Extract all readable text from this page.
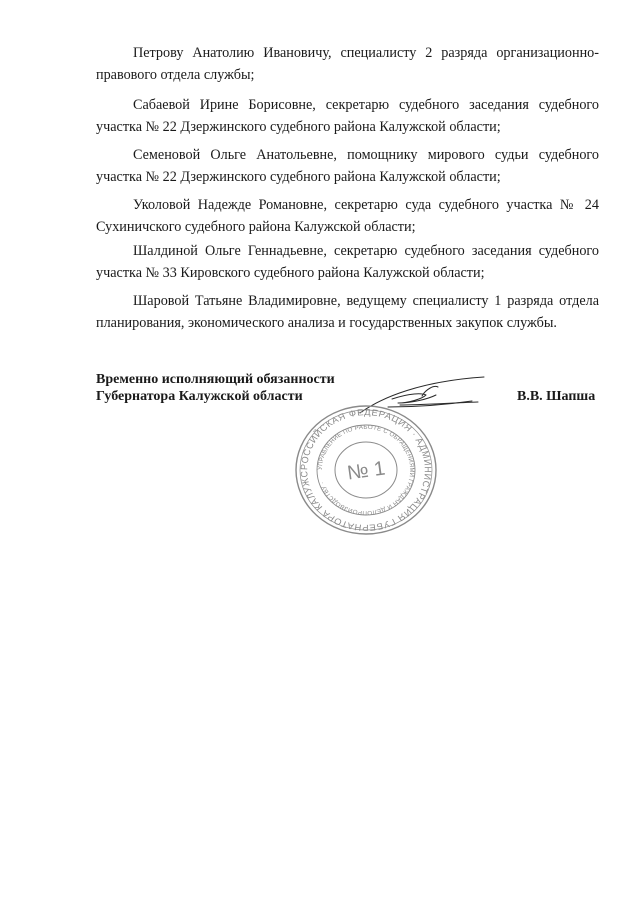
Петрову Анатолию Ивановичу, специалисту 2 разряда организационно-правового отдела службы;

Сабаевой Ирине Борисовне, секретарю судебного заседания судебного участка № 22 Дзержинского судебного района Калужской области;

Семеновой Ольге Анатольевне, помощнику мирового судьи судебного участка № 22 Дзержинского судебного района Калужской области;

Уколовой Надежде Романовне, секретарю суда судебного участка № 24 Сухиничского судебного района Калужской области;

Шалдиной Ольге Геннадьевне, секретарю судебного заседания судебного участка № 33 Кировского судебного района Калужской области;

Шаровой Татьяне Владимировне, ведущему специалисту 1 разряда отдела планирования, экономического анализа и государственных закупок службы.

Временно исполняющий обязанности
Губернатора Калужской области	В.В. Шапша
РОССИЙСКАЯ ФЕДЕРАЦИЯ · АДМИНИСТРАЦИЯ ГУБЕРНАТОРА КАЛУЖС
УПРАВЛЕНИЕ ПО РАБОТЕ С ОБРАЩЕНИЯМИ ГРАЖДАН И ДЕЛОПРОИЗВОДСТВУ · № 1
